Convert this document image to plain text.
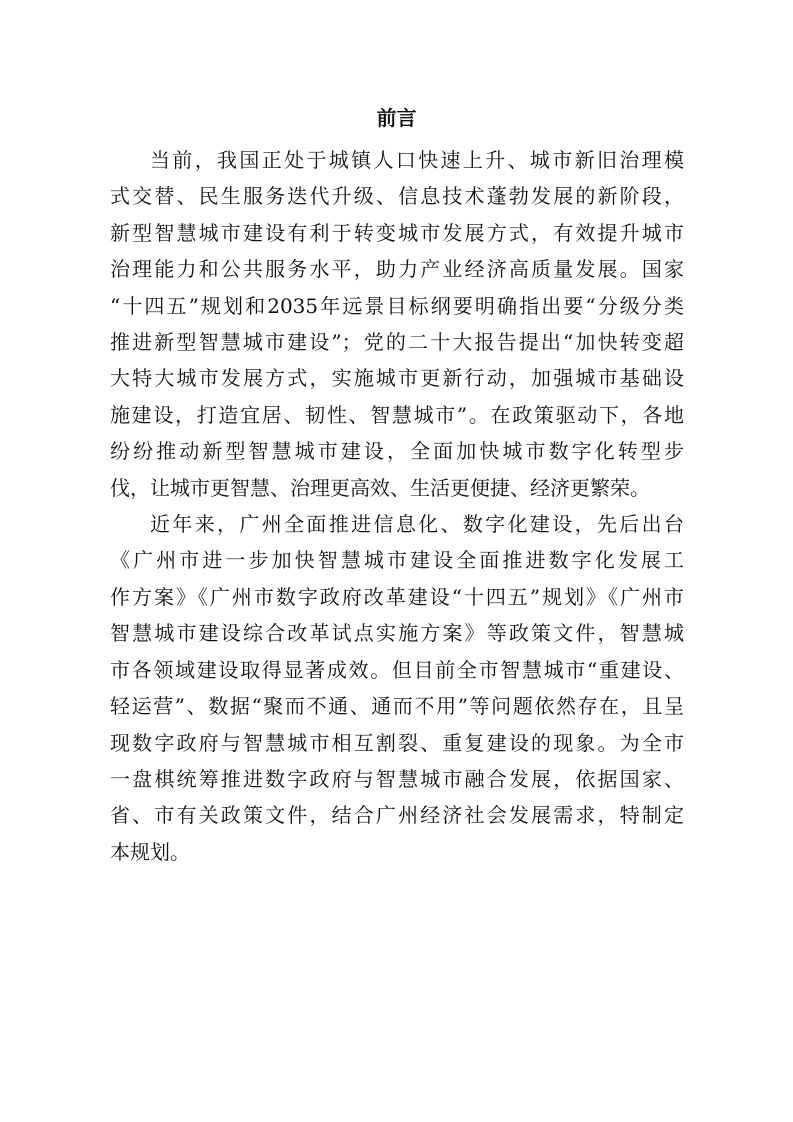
前言

当前，我国正处于城镇人口快速上升、城市新旧治理模
式交替、民生服务迭代升级、信息技术蓬勃发展的新阶段，
新型智慧城市建设有利于转变城市发展方式，有效提升城市
治理能力和公共服务水平，助力产业经济高质量发展。国家
“十四五”规划和2035年远景目标纲要明确指出要“分级分类
推进新型智慧城市建设”；党的二十大报告提出“加快转变超
大特大城市发展方式，实施城市更新行动，加强城市基础设
施建设，打造宜居、韧性、智慧城市”。在政策驱动下，各地
纷纷推动新型智慧城市建设，全面加快城市数字化转型步
伐，让城市更智慧、治理更高效、生活更便捷、经济更繁荣。

近年来，广州全面推进信息化、数字化建设，先后出台
《广州市进一步加快智慧城市建设全面推进数字化发展工
作方案》《广州市数字政府改革建设“十四五”规划》《广州市
智慧城市建设综合改革试点实施方案》等政策文件，智慧城
市各领域建设取得显著成效。但目前全市智慧城市“重建设、
轻运营”、数据“聚而不通、通而不用”等问题依然存在，且呈
现数字政府与智慧城市相互割裂、重复建设的现象。为全市
一盘棋统筹推进数字政府与智慧城市融合发展，依据国家、
省、市有关政策文件，结合广州经济社会发展需求，特制定
本规划。
